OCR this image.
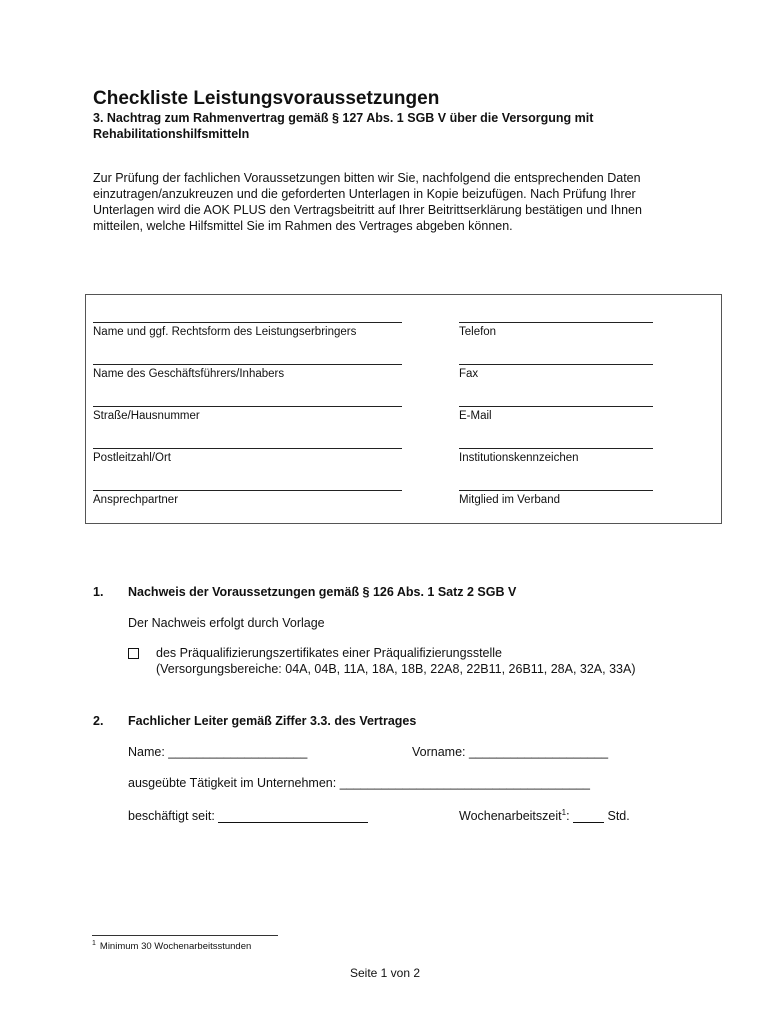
Checkliste Leistungsvoraussetzungen
3. Nachtrag zum Rahmenvertrag gemäß § 127 Abs. 1 SGB V über die Versorgung mit Rehabilitationshilfsmitteln
Zur Prüfung der fachlichen Voraussetzungen bitten wir Sie, nachfolgend die entsprechenden Daten einzutragen/anzukreuzen und die geforderten Unterlagen in Kopie beizufügen. Nach Prüfung Ihrer Unterlagen wird die AOK PLUS den Vertragsbeitritt auf Ihrer Beitrittserklärung bestätigen und Ihnen mitteilen, welche Hilfsmittel Sie im Rahmen des Vertrages abgeben können.
Name und ggf. Rechtsform des Leistungserbringers
Name des Geschäftsführers/Inhabers
Straße/Hausnummer
Postleitzahl/Ort
Ansprechpartner
Telefon
Fax
E-Mail
Institutionskennzeichen
Mitglied im Verband
1. Nachweis der Voraussetzungen gemäß § 126 Abs. 1 Satz 2 SGB V
Der Nachweis erfolgt durch Vorlage
des Präqualifizierungszertifikates einer Präqualifizierungsstelle
(Versorgungsbereiche: 04A, 04B, 11A, 18A, 18B, 22A8, 22B11, 26B11, 28A, 32A, 33A)
2. Fachlicher Leiter gemäß Ziffer 3.3. des Vertrages
Name: ____________________	Vorname: ____________________
ausgeübte Tätigkeit im Unternehmen: ____________________________________
beschäftigt seit:	Wochenarbeitszeit$^1$:  Std.
$^1$ Minimum 30 Wochenarbeitsstunden
Seite 1 von 2
